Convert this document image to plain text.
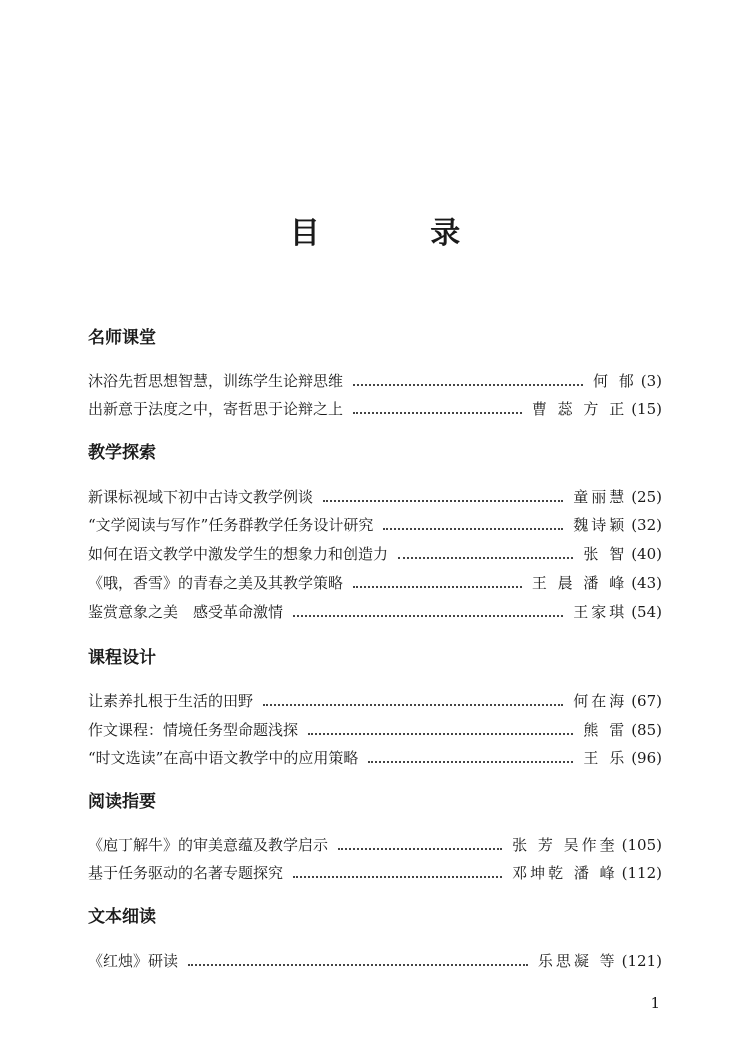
目 录
名师课堂
沐浴先哲思想智慧，训练学生论辩思维	何 郁 (3)
出新意于法度之中，寄哲思于论辩之上	曹 蕊 方 正 (15)
教学探索
新课标视域下初中古诗文教学例谈	童丽慧 (25)
“文学阅读与写作”任务群教学任务设计研究	魏诗颖 (32)
如何在语文教学中激发学生的想象力和创造力	张 智 (40)
《哦，香雪》的青春之美及其教学策略	王 晨 潘 峰 (43)
鉴赏意象之美　感受革命激情	王家琪 (54)
课程设计
让素养扎根于生活的田野	何在海 (67)
作文课程：情境任务型命题浅探	熊 雷 (85)
“时文选读”在高中语文教学中的应用策略	王 乐 (96)
阅读指要
《庖丁解牛》的审美意蕴及教学启示	张 芳 吴作奎 (105)
基于任务驱动的名著专题探究	邓坤乾 潘 峰 (112)
文本细读
《红烛》研读	乐思凝 等 (121)
1
